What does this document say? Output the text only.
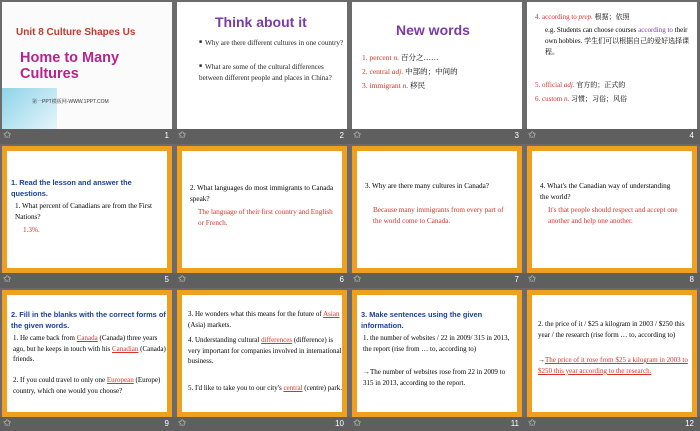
Unit 8 Culture Shapes Us
Home to Many Cultures
第一PPT模板网-WWW.1PPT.COM
✩	1
Think about it
■ Why are there different cultures in one country?
■ What are some of the cultural differences between different people and places in China?
✩	2
New words
1. percent n. 百分之……
2. central adj. 中部的；中间的
3. immigrant n. 移民
✩	3
4. according to prep. 根据；依照
e.g. Students can choose courses according to their own hobbies. 学生们可以根据自己的爱好选择课程。
5. official adj. 官方的；正式的
6. custom n. 习惯；习俗；风俗
✩	4
1. Read the lesson and answer the questions.
1. What percent of Canadians are from the First Nations?
1.3%.
✩	5
2. What languages do most immigrants to Canada speak?
The language of their first country and English or French.
✩	6
3. Why are there many cultures in Canada?
Because many immigrants from every part of the world come to Canada.
✩	7
4. What's the Canadian way of understanding the world?
It's that people should respect and accept one another and help one another.
✩	8
2. Fill in the blanks with the correct forms of the given words.
1. He came back from Canada (Canada) three years ago, but he keeps in touch with his Canadian (Canada) friends.
2. If you could travel to only one European (Europe) country, which one would you choose?
✩	9
3. He wonders what this means for the future of Asian (Asia) markets.
4. Understanding cultural differences (difference) is very important for companies involved in international business.
5. I'd like to take you to our city's central (centre) park.
✩	10
3. Make sentences using the given information.
1. the number of websites / 22 in 2009/ 315 in 2013, the report (rise from … to, according to)
→The number of websites rose from 22 in 2009 to 315 in 2013, according to the report.
✩	11
2. the price of it / $25 a kilogram in 2003 / $250 this year / the research (rise form … to, according to)
→The price of it rose from $25 a kilogram in 2003 to $250 this year according to the research.
✩	12
